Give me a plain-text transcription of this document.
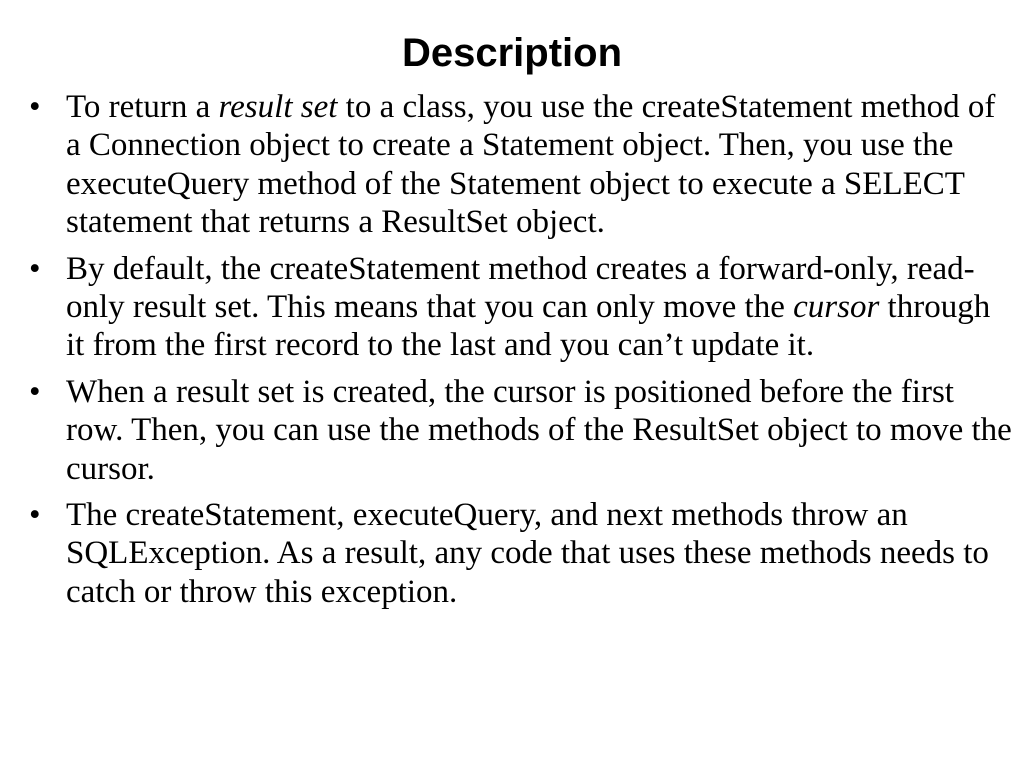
Description
• To return a result set to a class, you use the createStatement method of a Connection object to create a Statement object. Then, you use the executeQuery method of the Statement object to execute a SELECT statement that returns a ResultSet object.
• By default, the createStatement method creates a forward-only, read-only result set. This means that you can only move the cursor through it from the first record to the last and you can’t update it.
• When a result set is created, the cursor is positioned before the first row. Then, you can use the methods of the ResultSet object to move the cursor.
• The createStatement, executeQuery, and next methods throw an SQLException. As a result, any code that uses these methods needs to catch or throw this exception.
